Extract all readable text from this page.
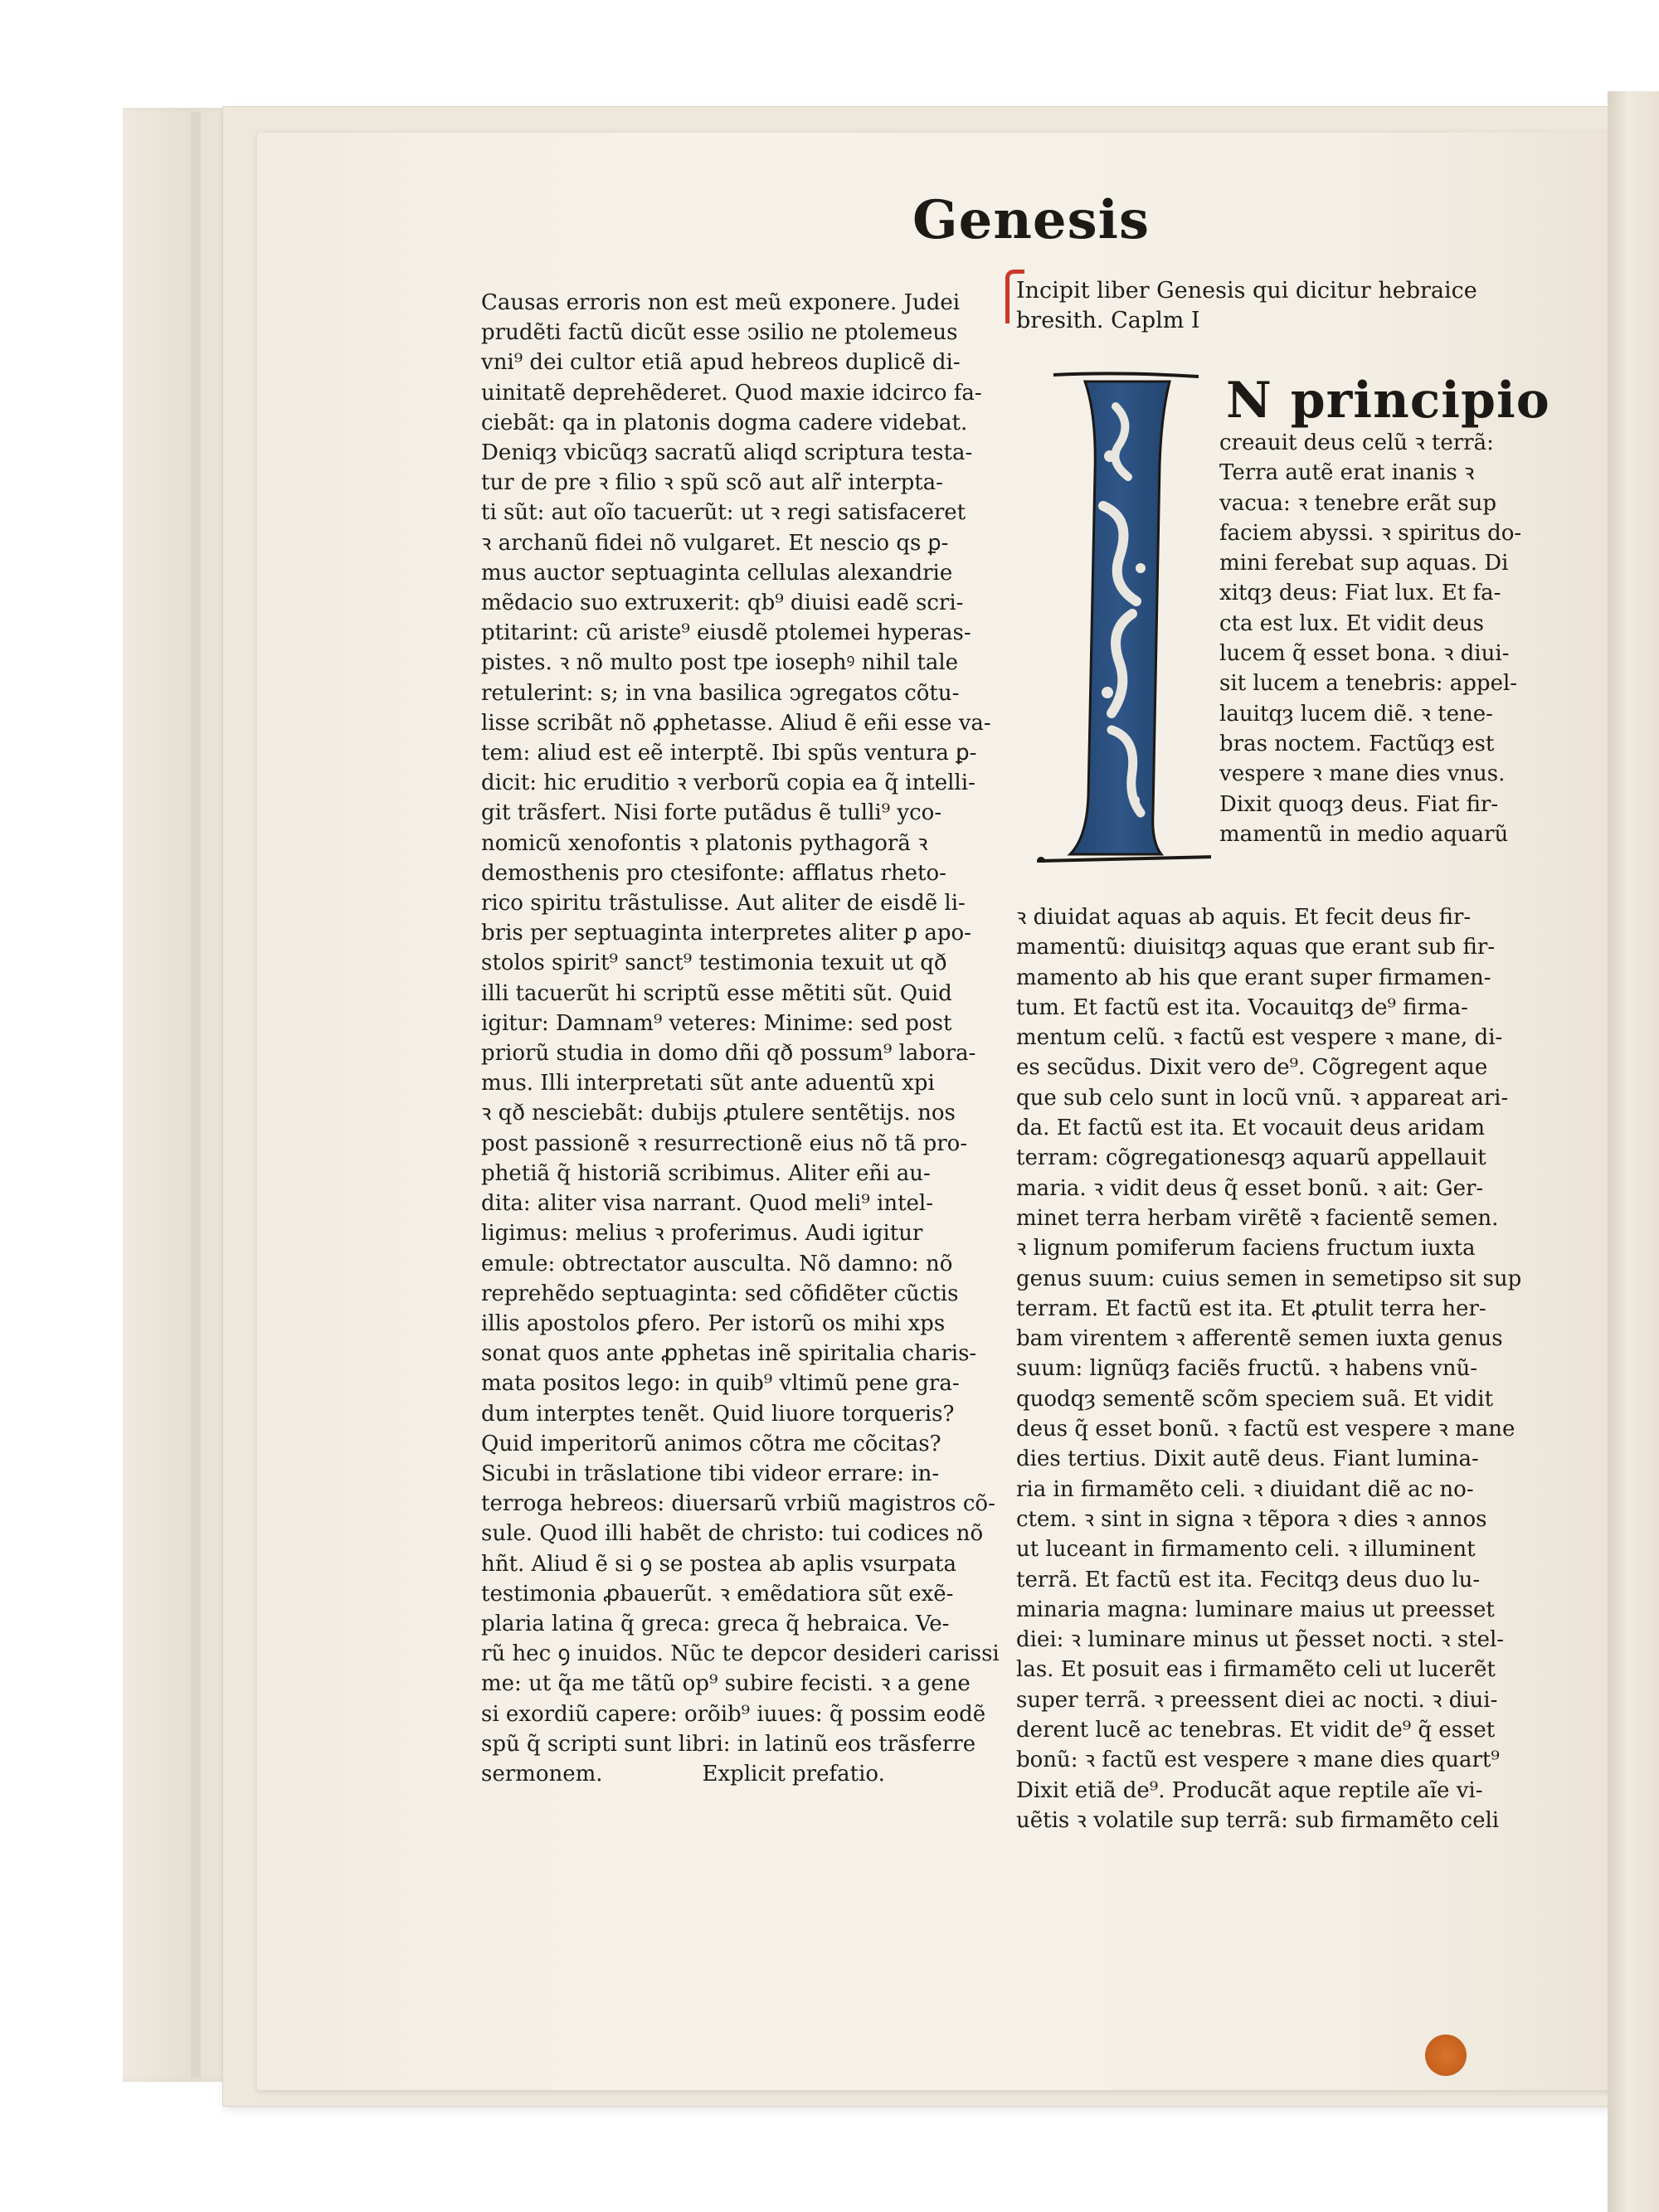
Genesis
Causas erroris non est meũ exponere. Judei
prudẽti factũ dicũt esse ↄsilio ne ptolemeus
vni⁹ dei cultor etiã apud hebreos duplicẽ di-
uinitatẽ deprehẽderet. Quod maxie idcirco fa-
ciebãt: qa in platonis dogma cadere videbat.
Deniqȝ vbicũqȝ sacratũ aliqd scriptura testa-
tur de pre ꝛ filio ꝛ spũ scõ aut alr̃ interpta-
ti sũt: aut oĩo tacuerũt: ut ꝛ regi satisfaceret
ꝛ archanũ fidei nõ vulgaret. Et nescio qs ꝑ-
mus auctor septuaginta cellulas alexandrie
mẽdacio suo extruxerit: qb⁹ diuisi eadẽ scri-
ptitarint: cũ ariste⁹ eiusdẽ ptolemei hyperas-
pistes. ꝛ nõ multo post tpe iosephꝰ nihil tale
retulerint: s; in vna basilica ↄgregatos cõtu-
lisse scribãt nõ ꝓphetasse. Aliud ẽ eñi esse va-
tem: aliud est eẽ interptẽ. Ibi spũs ventura ꝑ-
dicit: hic eruditio ꝛ verborũ copia ea q̃ intelli-
git trãsfert. Nisi forte putãdus ẽ tulli⁹ yco-
nomicũ xenofontis ꝛ platonis pythagorã ꝛ
demosthenis pro ctesifonte: afflatus rheto-
rico spiritu trãstulisse. Aut aliter de eisdẽ li-
bris per septuaginta interpretes aliter ꝑ apo-
stolos spirit⁹ sanct⁹ testimonia texuit ut qð
illi tacuerũt hi scriptũ esse mẽtiti sũt. Quid
igitur: Damnam⁹ veteres: Minime: sed post
priorũ studia in domo dñi qð possum⁹ labora-
mus. Illi interpretati sũt ante aduentũ xpi
ꝛ qð nesciebãt: dubijs ꝓtulere sentẽtijs. nos
post passionẽ ꝛ resurrectionẽ eius nõ tã pro-
phetiã q̃ historiã scribimus. Aliter eñi au-
dita: aliter visa narrant. Quod meli⁹ intel-
ligimus: melius ꝛ proferimus. Audi igitur
emule: obtrectator ausculta. Nõ damno: nõ
reprehẽdo septuaginta: sed cõfidẽter cũctis
illis apostolos ꝑfero. Per istorũ os mihi xps
sonat quos ante ꝓphetas inẽ spiritalia charis-
mata positos lego: in quib⁹ vltimũ pene gra-
dum interptes tenẽt. Quid liuore torqueris?
Quid imperitorũ animos cõtra me cõcitas?
Sicubi in trãslatione tibi videor errare: in-
terroga hebreos: diuersarũ vrbiũ magistros cõ-
sule. Quod illi habẽt de christo: tui codices nõ
hñt. Aliud ẽ si ꝯ se postea ab aplis vsurpata
testimonia ꝓbauerũt. ꝛ emẽdatiora sũt exẽ-
plaria latina q̃ greca: greca q̃ hebraica. Ve-
rũ hec ꝯ inuidos. Nũc te depcor desideri carissi
me: ut q̃a me tãtũ op⁹ subire fecisti. ꝛ a gene
si exordiũ capere: orõib⁹ iuues: q̃ possim eodẽ
spũ q̃ scripti sunt libri: in latinũ eos trãsferre
sermonem.	Explicit prefatio.
Incipit liber Genesis qui dicitur hebraice
bresith. Caplm I
N principio
creauit deus celũ ꝛ terrã:
Terra autẽ erat inanis ꝛ
vacua: ꝛ tenebre erãt sup
faciem abyssi. ꝛ spiritus do-
mini ferebat sup aquas. Di
xitqȝ deus: Fiat lux. Et fa-
cta est lux. Et vidit deus
lucem q̃ esset bona. ꝛ diui-
sit lucem a tenebris: appel-
lauitqȝ lucem diẽ. ꝛ tene-
bras noctem. Factũqȝ est
vespere ꝛ mane dies vnus.
Dixit quoqȝ deus. Fiat fir-
mamentũ in medio aquarũ
ꝛ diuidat aquas ab aquis. Et fecit deus fir-
mamentũ: diuisitqȝ aquas que erant sub fir-
mamento ab his que erant super firmamen-
tum. Et factũ est ita. Vocauitqȝ de⁹ firma-
mentum celũ. ꝛ factũ est vespere ꝛ mane, di-
es secũdus. Dixit vero de⁹. Cõgregent aque
que sub celo sunt in locũ vnũ. ꝛ appareat ari-
da. Et factũ est ita. Et vocauit deus aridam
terram: cõgregationesqȝ aquarũ appellauit
maria. ꝛ vidit deus q̃ esset bonũ. ꝛ ait: Ger-
minet terra herbam virẽtẽ ꝛ facientẽ semen.
ꝛ lignum pomiferum faciens fructum iuxta
genus suum: cuius semen in semetipso sit sup
terram. Et factũ est ita. Et ꝓtulit terra her-
bam virentem ꝛ afferentẽ semen iuxta genus
suum: lignũqȝ faciẽs fructũ. ꝛ habens vnũ-
quodqȝ sementẽ scõm speciem suã. Et vidit
deus q̃ esset bonũ. ꝛ factũ est vespere ꝛ mane
dies tertius. Dixit autẽ deus. Fiant lumina-
ria in firmamẽto celi. ꝛ diuidant diẽ ac no-
ctem. ꝛ sint in signa ꝛ tẽpora ꝛ dies ꝛ annos
ut luceant in firmamento celi. ꝛ illuminent
terrã. Et factũ est ita. Fecitqȝ deus duo lu-
minaria magna: luminare maius ut preesset
diei: ꝛ luminare minus ut p̃esset nocti. ꝛ stel-
las. Et posuit eas i firmamẽto celi ut lucerẽt
super terrã. ꝛ preessent diei ac nocti. ꝛ diui-
derent lucẽ ac tenebras. Et vidit de⁹ q̃ esset
bonũ: ꝛ factũ est vespere ꝛ mane dies quart⁹
Dixit etiã de⁹. Producãt aque reptile aĩe vi-
uẽtis ꝛ volatile sup terrã: sub firmamẽto celi
